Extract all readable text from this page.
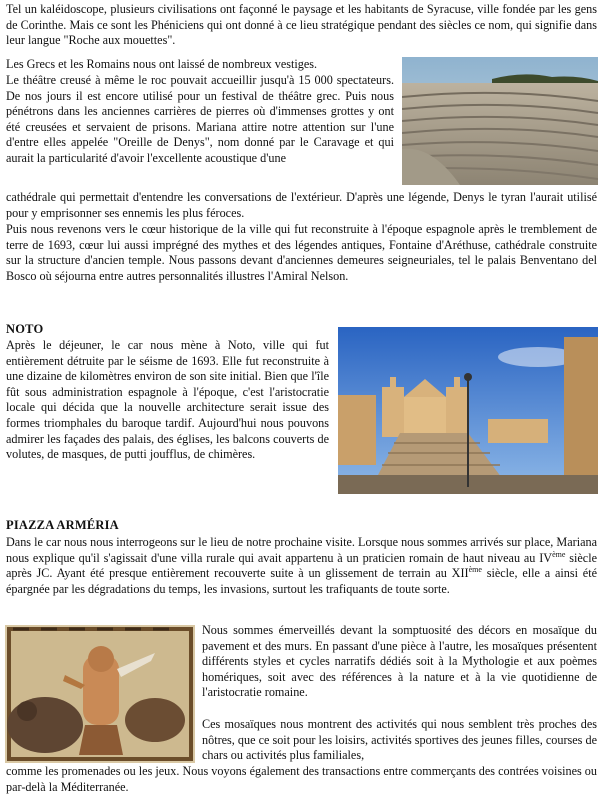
Tel un kaléidoscope, plusieurs civilisations ont façonné le paysage et les habitants de Syracuse, ville fondée par les gens de Corinthe. Mais ce sont les Phéniciens qui ont donné à ce lieu stratégique pendant des siècles ce nom, qui signifie dans leur langue "Roche aux mouettes".

Les Grecs et les Romains nous ont laissé de nombreux vestiges.

Le théâtre creusé à même le roc pouvait accueillir jusqu'à 15 000 spectateurs. De nos jours il est encore utilisé pour un festival de théâtre grec. Puis nous pénétrons dans les anciennes carrières de pierres où d'immenses grottes y ont été creusées et servaient de prisons. Mariana attire notre attention sur l'une d'entre elles appelée "Oreille de Denys", nom donné par le Caravage et qui aurait la particularité d'avoir l'excellente acoustique d'une

cathédrale qui permettait d'entendre les conversations de l'extérieur. D'après une légende, Denys le tyran l'aurait utilisé pour y emprisonner ses ennemis les plus féroces.

Puis nous revenons vers le cœur historique de la ville qui fut reconstruite à l'époque espagnole après le tremblement de terre de 1693, cœur lui aussi imprégné des mythes et des légendes antiques, Fontaine d'Aréthuse, cathédrale construite sur la structure d'ancien temple. Nous passons devant d'anciennes demeures seigneuriales, tel le palais Benventano del Bosco où séjourna entre autres personnalités illustres l'Amiral Nelson.

NOTO

Après le déjeuner, le car nous mène à Noto, ville qui fut entièrement détruite par le séisme de 1693. Elle fut reconstruite à une dizaine de kilomètres environ de son site initial. Bien que l'île fût sous administration espagnole à l'époque, c'est l'aristocratie locale qui décida que la nouvelle architecture serait issue des formes triomphales du baroque tardif. Aujourd'hui nous pouvons admirer les façades des palais, des églises, les balcons couverts de volutes, de masques, de putti joufflus, de chimères.

PIAZZA ARMÉRIA

Dans le car nous nous interrogeons sur le lieu de notre prochaine visite. Lorsque nous sommes arrivés sur place, Mariana nous explique qu'il s'agissait d'une villa rurale qui avait appartenu à un praticien romain de haut niveau au IVème siècle après JC. Ayant été presque entièrement recouverte suite à un glissement de terrain au XIIème siècle, elle a ainsi été épargnée par les dégradations du temps, les invasions, surtout les trafiquants de toute sorte.

Nous sommes émerveillés devant la somptuosité des décors en mosaïque du pavement et des murs. En passant d'une pièce à l'autre, les mosaïques présentent différents styles et cycles narratifs dédiés soit à la Mythologie et aux poèmes homériques, soit avec des références à la nature et à la vie quotidienne de l'aristocratie romaine.

Ces mosaïques nous montrent des activités qui nous semblent très proches des nôtres, que ce soit pour les loisirs, activités sportives des jeunes filles, courses de chars ou activités plus familiales,

comme les promenades ou les jeux. Nous voyons également des transactions entre commerçants des contrées voisines ou par-delà la Méditerranée.
